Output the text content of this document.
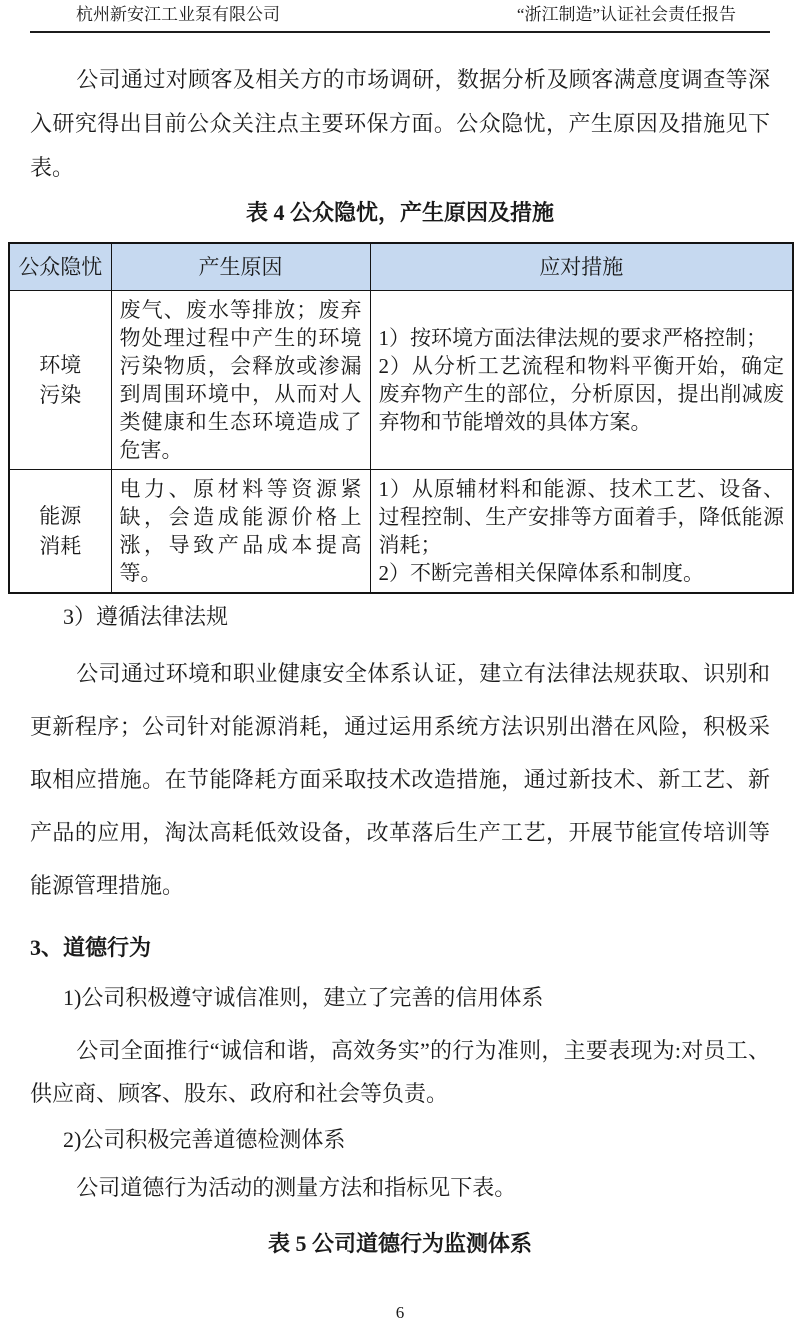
杭州新安江工业泵有限公司	“浙江制造”认证社会责任报告

公司通过对顾客及相关方的市场调研，数据分析及顾客满意度调查等深入研究得出目前公众关注点主要环保方面。公众隐忧，产生原因及措施见下表。

表 4 公众隐忧，产生原因及措施
公众隐忧	产生原因	应对措施
环境污染	废气、废水等排放；废弃物处理过程中产生的环境污染物质，会释放或渗漏到周围环境中，从而对人类健康和生态环境造成了危害。	1）按环境方面法律法规的要求严格控制；
2）从分析工艺流程和物料平衡开始，确定废弃物产生的部位，分析原因，提出削减废弃物和节能增效的具体方案。

能源消耗	电力、原材料等资源紧缺，会造成能源价格上涨，导致产品成本提高等。	1）从原辅材料和能源、技术工艺、设备、过程控制、生产安排等方面着手，降低能源消耗；
2）不断完善相关保障体系和制度。
3）遵循法律法规

公司通过环境和职业健康安全体系认证，建立有法律法规获取、识别和更新程序；公司针对能源消耗，通过运用系统方法识别出潜在风险，积极采取相应措施。在节能降耗方面采取技术改造措施，通过新技术、新工艺、新产品的应用，淘汰高耗低效设备，改革落后生产工艺，开展节能宣传培训等能源管理措施。

3、道德行为
1)公司积极遵守诚信准则，建立了完善的信用体系

公司全面推行“诚信和谐，高效务实”的行为准则，主要表现为:对员工、供应商、顾客、股东、政府和社会等负责。

2)公司积极完善道德检测体系

公司道德行为活动的测量方法和指标见下表。

表 5 公司道德行为监测体系
6
